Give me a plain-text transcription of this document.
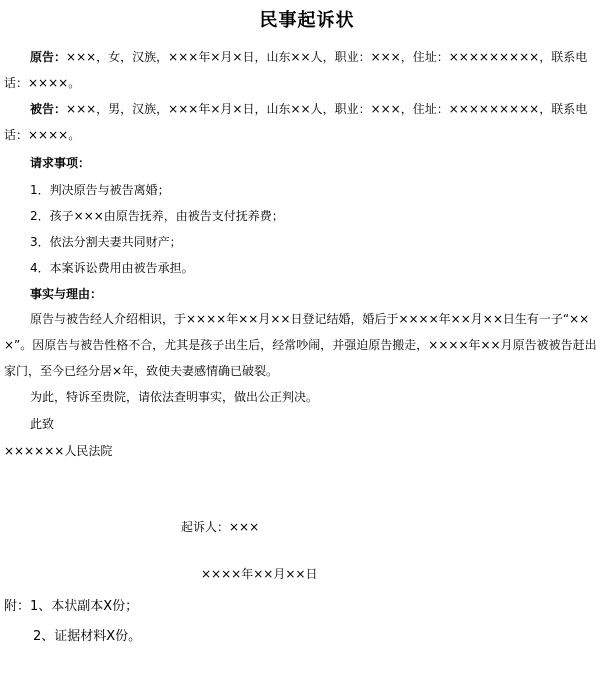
民事起诉状
原告：×××，女，汉族，×××年×月×日，山东××人，职业：×××，住址：×××××××××，联系电话：××××。
被告：×××，男，汉族，×××年×月×日，山东××人，职业：×××，住址：×××××××××，联系电话：××××。
请求事项：
1．判决原告与被告离婚；
2．孩子×××由原告抚养，由被告支付抚养费；
3．依法分割夫妻共同财产；
4．本案诉讼费用由被告承担。
事实与理由：
原告与被告经人介绍相识，于××××年××月××日登记结婚，婚后于××××年××月××日生有一子“×××”。因原告与被告性格不合，尤其是孩子出生后，经常吵闹，并强迫原告搬走，××××年××月原告被被告赶出家门，至今已经分居×年，致使夫妻感情确已破裂。
为此，特诉至贵院，请依法查明事实，做出公正判决。
此致
××××××人民法院
起诉人：×××
××××年××月××日
附：1、本状副本X份；
2、证据材料X份。
